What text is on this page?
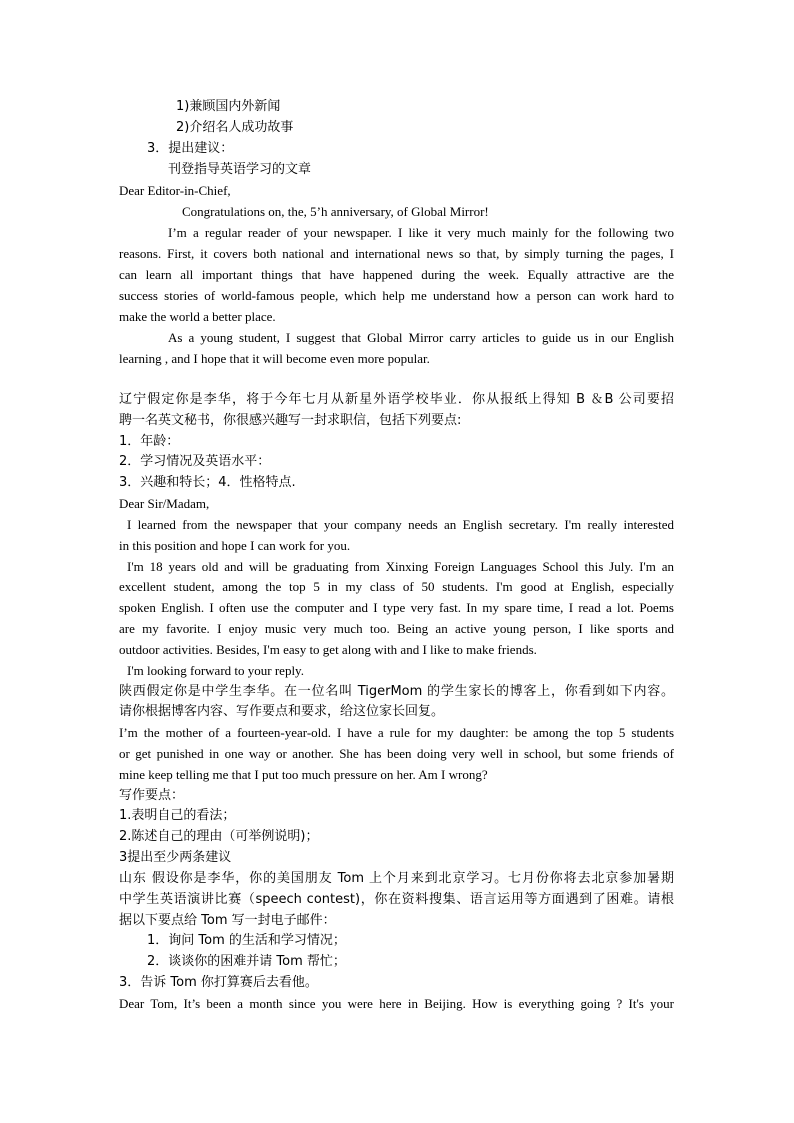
1)兼顾国内外新闻
2)介绍名人成功故事
3．提出建议：
刊登指导英语学习的文章
Dear Editor-in-Chief,
Congratulations on, the, 5’h anniversary, of Global Mirror!
I’m a regular reader of your newspaper. I like it very much mainly for the following two
reasons. First, it covers both national and international news so that, by simply turning the pages, I
can learn all important things that have happened during the week. Equally attractive are the
success stories of world-famous people, which help me understand how a person can work hard to
make the world a better place.
As a young student, I suggest that Global Mirror carry articles to guide us in our English
learning , and I hope that it will become even more popular.
辽宁假定你是李华，将于今年七月从新星外语学校毕业．你从报纸上得知 B ＆B 公司要招
聘一名英文秘书，你很感兴趣写一封求职信，包括下列要点:
1．年龄：
2．学习情况及英语水平：
3．兴趣和特长；4．性格特点.
Dear Sir/Madam,
I learned from the newspaper that your company needs an English secretary. I'm really interested
in this position and hope I can work for you.
I'm 18 years old and will be graduating from Xinxing Foreign Languages School this July. I'm an
excellent student, among the top 5 in my class of 50 students. I'm good at English, especially
spoken English. I often use the computer and I type very fast. In my spare time, I read a lot. Poems
are my favorite. I enjoy music very much too. Being an active young person, I like sports and
outdoor activities. Besides, I'm easy to get along with and I like to make friends.
I'm looking forward to your reply.
陕西假定你是中学生李华。在一位名叫 TigerMom 的学生家长的博客上，你看到如下内容。
请你根据博客内容、写作要点和要求，给这位家长回复。
I’m the mother of a fourteen-year-old. I have a rule for my daughter: be among the top 5 students
or get punished in one way or another. She has been doing very well in school, but some friends of
mine keep telling me that I put too much pressure on her. Am I wrong?
写作要点：
1.表明自己的看法；
2.陈述自己的理由（可举例说明)；
3提出至少两条建议
山东 假设你是李华，你的美国朋友 Tom 上个月来到北京学习。七月份你将去北京参加暑期
中学生英语演讲比赛（speech contest)，你在资料搜集、语言运用等方面遇到了困难。请根
据以下要点给 Tom 写一封电子邮件：
1．询问 Tom 的生活和学习情况；
2．谈谈你的困难并请 Tom 帮忙；
3．告诉 Tom 你打算赛后去看他。
Dear Tom, It’s been a month since you were here in Beijing. How is everything going ? It's your
